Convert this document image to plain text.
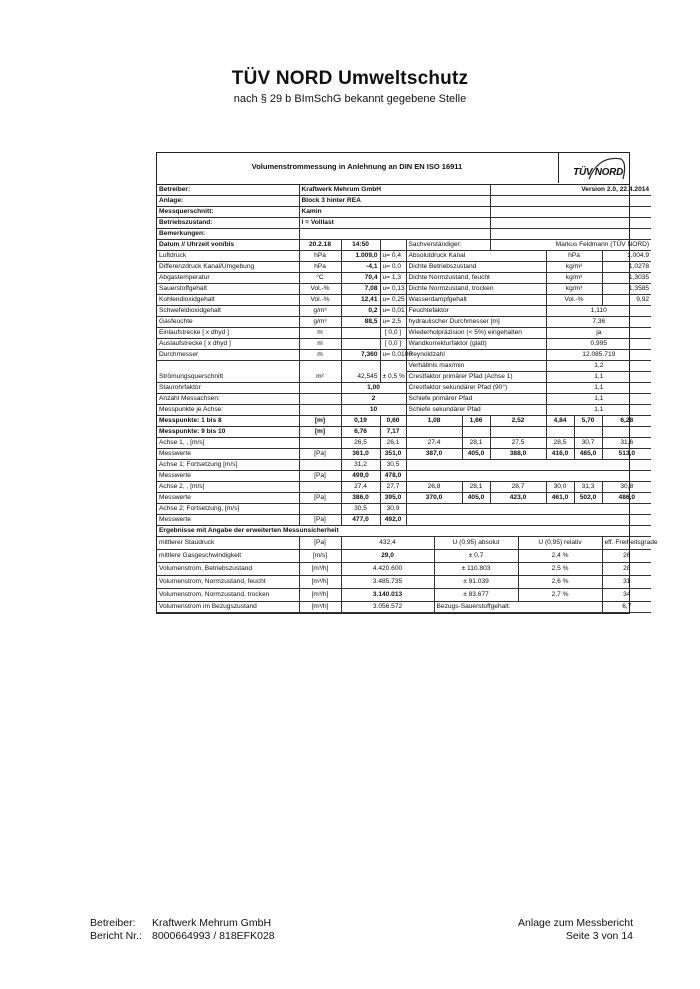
TÜV NORD Umweltschutz
nach § 29 b BImSchG bekannt gegebene Stelle
Volumenstrommessung in Anlehnung an DIN EN ISO 16911
TÜV NORD
Betreiber:	Kraftwerk Mehrum GmbH						Version 2.0, 22.4.2014				
Anlage:	Block 3 hinter REA										
Messquerschnitt:	Kamin										
Betriebszustand:	l = Volllast										
Bemerkungen:											
Datum // Uhrzeit von/bis	20.2.18	14:50		Sachverständiger:			Markus Feldmann (TÜV NORD)				
Luftdruck	hPa	1.009,0	u= 0,4	Absolutdruck Kanal					hPa		1.004,9
Differenzdruck Kanal/Umgebung	hPa	-4,1	u= 0,0	Dichte Betriebszustand					kg/m³		1,0278
Abgastemperatur	°C	70,4	u= 1,3	Dichte Normzustand, feucht					kg/m³		1,3035
Sauerstoffgehalt	Vol.-%	7,08	u= 0,13	Dichte Normzustand, trocken					kg/m³		1,3585
Kohlendioxidgehalt	Vol.-%	12,41	u= 0,25	Wasserdampfgehalt					Vol.-%		9,92
Schwefeldioxidgehalt	g/m³	0,2	u= 0,01	Feuchtefaktor					1,110		
Gasfeuchte	g/m³	88,5	u= 2,5	hydraulischer Durchmesser [m]					7,36		
Einlaufstrecke [ x dhyd ]	m		[ 0,0 ]	Wiederholpräzision (< 5%) eingehalten					ja		
Auslaufstrecke [ x dhyd ]	m		[ 0,0 ]	Wandkorrekturfaktor (glatt)					0,995		
Durchmesser	m	7,360	u= 0,0100	Reynoldzahl					12.085.719		
				Verhältnis max/min					1,2		
Strömungsquerschnitt	m²	42,545	± 0,5 %	Crestfaktor primärer Pfad (Achse 1)					1,1		
Staurohrfaktor		1,00		Crestfaktor sekundärer Pfad (90°)					1,1		
Anzahl Messachsen:		2		Schiefe primärer Pfad					1,1		
Messpunkte je Achse:		10		Schiefe sekundärer Pfad					1,1		
Messpunkte: 1 bis 8	[m]	0,19	0,60	1,08		1,66	2,52		4,84	5,70	6,28
Messpunkte: 9 bis 10	[m]	6,76	7,17								
Achse 1, , [m/s]		26,5	26,1	27,4		28,1	27,5		28,5	30,7	31,6
Messwerte	[Pa]	361,0	351,0	387,0		405,0	388,0		416,0	485,0	513,0
Achse 1; Fortsetzung [m/s]		31,2	30,5								
Messwerte	[Pa]	499,0	478,0								
Achse 2, , [m/s]		27,4	27,7	26,8		28,1	28,7		30,0	31,3	30,8
Messwerte	[Pa]	386,0	395,0	370,0		405,0	423,0		461,0	502,0	486,0
Achse 2; Fortsetzung, [m/s]		30,5	30,9								
Messwerte	[Pa]	477,0	492,0								
Ergebnisse mit Angabe der erweiterten Messunsicherheit											
mittlerer Staudruck	[Pa]	432,4			U (0,95) absolut			U (0,95) relativ			eff. Freiheitsgrade
mittlere Gasgeschwindigkeit	[m/s]	29,0			± 0,7			2,4 %			26
Volumenstrom, Betriebszustand	[m³/h]	4.420.600			± 110.803			2,5 %			28
Volumenstrom, Normzustand, feucht	[m³/h]	3.485.735			± 91.039			2,6 %			31
Volumenstrom, Normzustand, trocken	[m³/h]	3.140.013			± 83.677			2,7 %			34
Volumenstrom im Bezugszustand	[m³/h]	3.056.572			Bezugs-Sauerstoffgehalt:						6,7
Betreiber: Kraftwerk Mehrum GmbH
Bericht Nr.: 8000664993 / 818EFK028
Anlage zum Messbericht
Seite 3 von 14
